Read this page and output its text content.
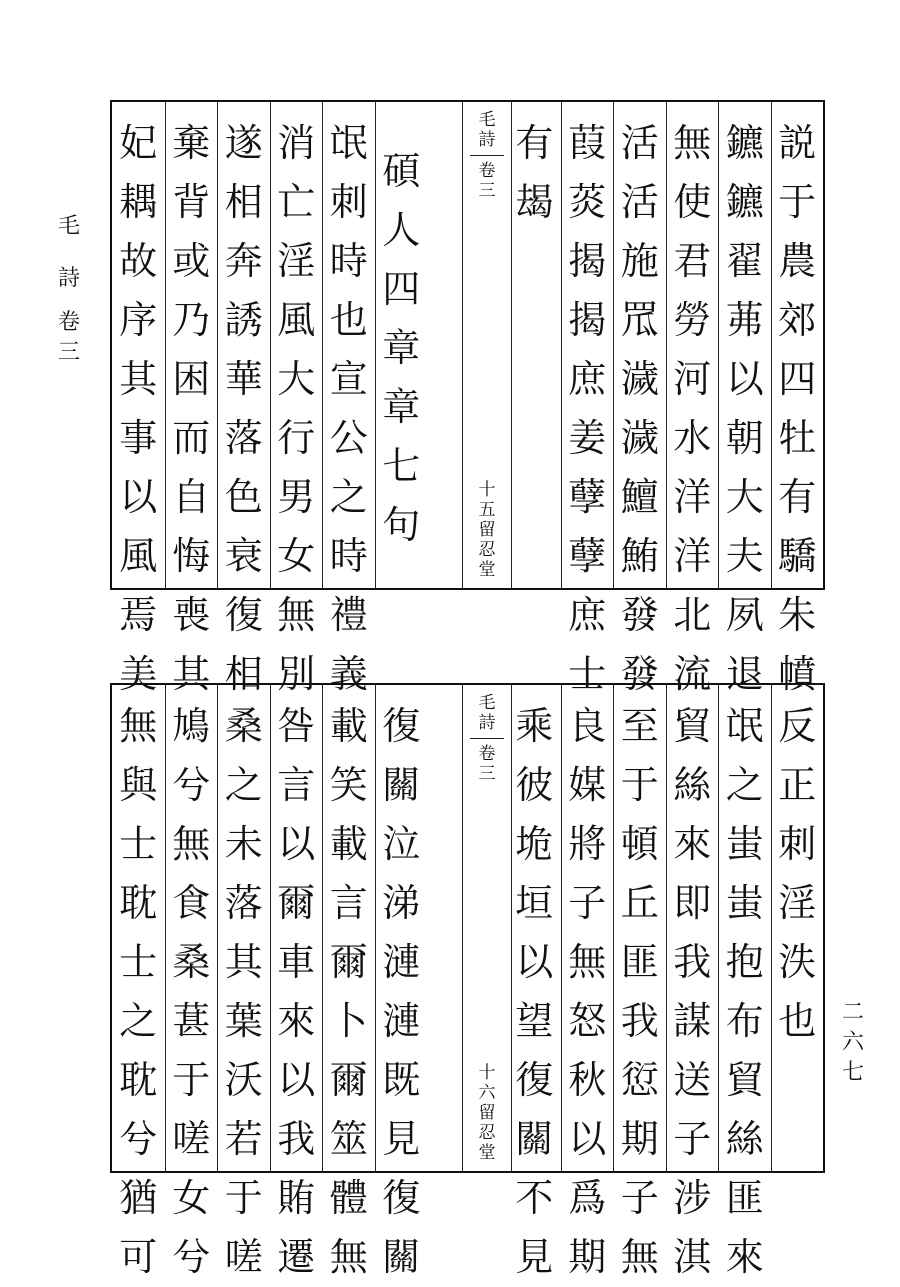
毛
詩
卷
三
二
六
七
説
于
農
郊
四
牡
有
驕
朱
幩
鑣
鑣
翟
茀
以
朝
大
夫
夙
退
無
使
君
勞
河
水
洋
洋
北
流
活
活
施
罛
濊
濊
鱣
鮪
發
發
葭
菼
揭
揭
庶
姜
孽
孽
庶
士
有
朅
毛詩
卷三
十五
留忍堂
碩
人
四
章
章
七
句
氓
刺
時
也
宣
公
之
時
禮
義
消
亡
淫
風
大
行
男
女
無
別
遂
相
奔
誘
華
落
色
衰
復
相
棄
背
或
乃
困
而
自
悔
喪
其
妃
耦
故
序
其
事
以
風
焉
美
反
正
刺
淫
泆
也
氓
之
蚩
蚩
抱
布
貿
絲
匪
來
貿
絲
來
即
我
謀
送
子
涉
淇
至
于
頓
丘
匪
我
愆
期
子
無
良
媒
將
子
無
怒
秋
以
爲
期
乘
彼
垝
垣
以
望
復
關
不
見
毛詩
卷三
十六
留忍堂
復
關
泣
涕
漣
漣
既
見
復
關
載
笑
載
言
爾
卜
爾
筮
體
無
咎
言
以
爾
車
來
以
我
賄
遷
桑
之
未
落
其
葉
沃
若
于
嗟
鳩
兮
無
食
桑
葚
于
嗟
女
兮
無
與
士
耽
士
之
耽
兮
猶
可
